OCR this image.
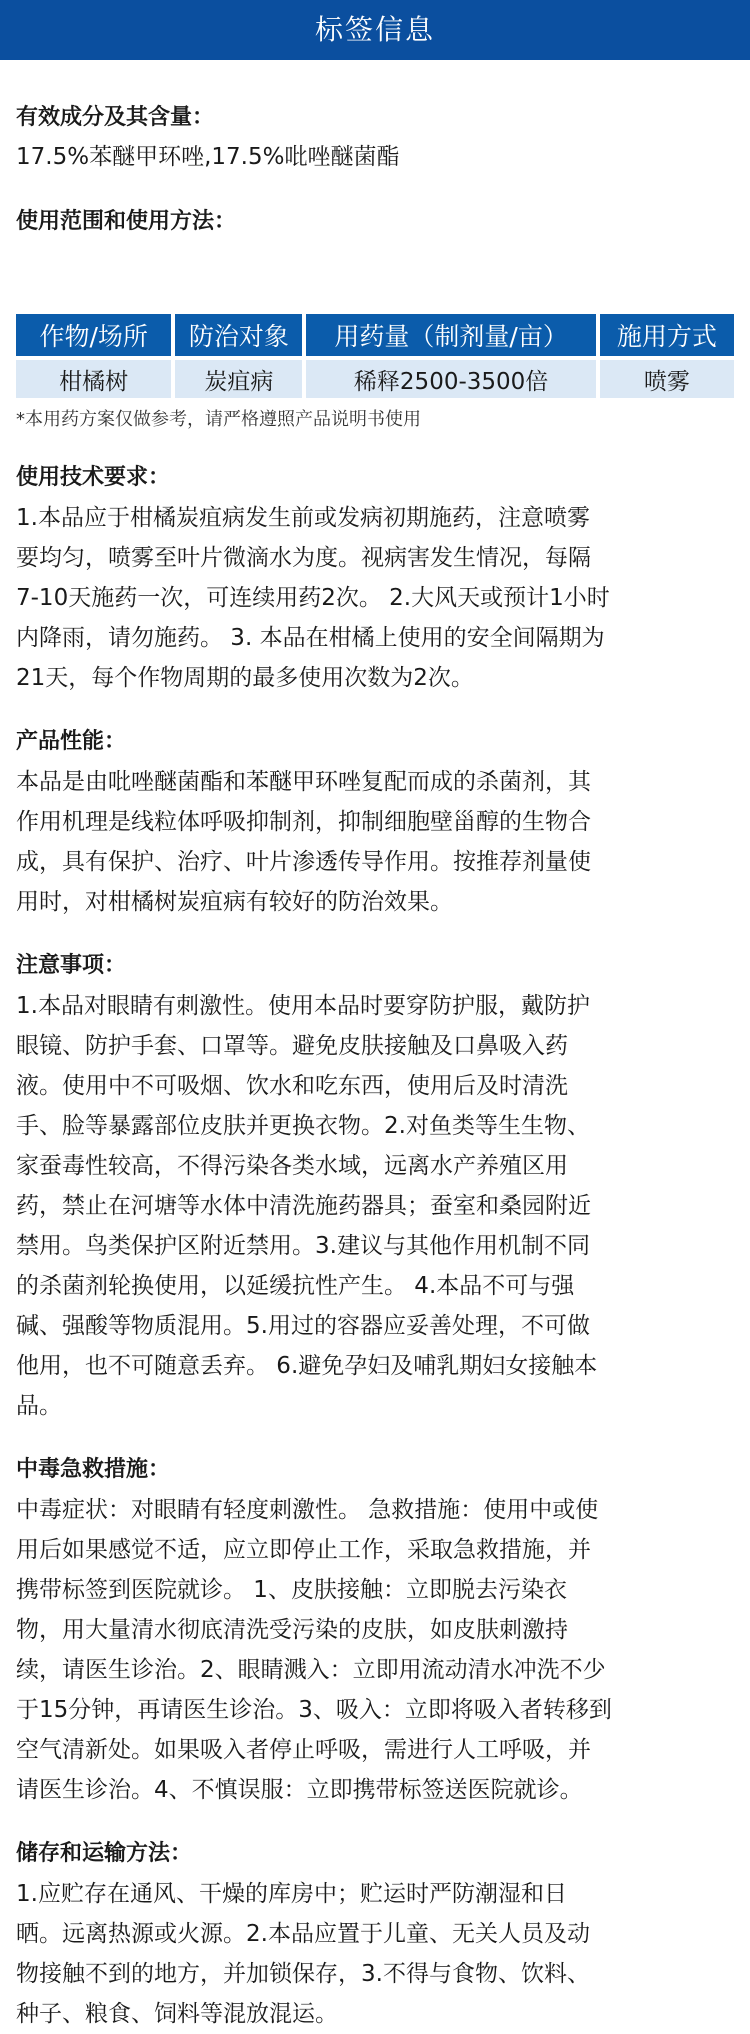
标签信息
有效成分及其含量：
17.5%苯醚甲环唑,17.5%吡唑醚菌酯
使用范围和使用方法：
作物/场所	防治对象	用药量（制剂量/亩）	施用方式
柑橘树	炭疽病	稀释2500-3500倍	喷雾
*本用药方案仅做参考，请严格遵照产品说明书使用
使用技术要求：
1.本品应于柑橘炭疽病发生前或发病初期施药，注意喷雾
要均匀，喷雾至叶片微滴水为度。视病害发生情况，每隔
7-10天施药一次，可连续用药2次。 2.大风天或预计1小时
内降雨，请勿施药。 3. 本品在柑橘上使用的安全间隔期为
21天，每个作物周期的最多使用次数为2次。
产品性能：
本品是由吡唑醚菌酯和苯醚甲环唑复配而成的杀菌剂，其
作用机理是线粒体呼吸抑制剂，抑制细胞壁甾醇的生物合
成，具有保护、治疗、叶片渗透传导作用。按推荐剂量使
用时，对柑橘树炭疽病有较好的防治效果。
注意事项：
1.本品对眼睛有刺激性。使用本品时要穿防护服，戴防护
眼镜、防护手套、口罩等。避免皮肤接触及口鼻吸入药
液。使用中不可吸烟、饮水和吃东西，使用后及时清洗
手、脸等暴露部位皮肤并更换衣物。2.对鱼类等生生物、
家蚕毒性较高，不得污染各类水域，远离水产养殖区用
药，禁止在河塘等水体中清洗施药器具；蚕室和桑园附近
禁用。鸟类保护区附近禁用。3.建议与其他作用机制不同
的杀菌剂轮换使用，以延缓抗性产生。 4.本品不可与强
碱、强酸等物质混用。5.用过的容器应妥善处理，不可做
他用，也不可随意丢弃。 6.避免孕妇及哺乳期妇女接触本
品。
中毒急救措施：
中毒症状：对眼睛有轻度刺激性。 急救措施：使用中或使
用后如果感觉不适，应立即停止工作，采取急救措施，并
携带标签到医院就诊。 1、皮肤接触：立即脱去污染衣
物，用大量清水彻底清洗受污染的皮肤，如皮肤刺激持
续，请医生诊治。2、眼睛溅入：立即用流动清水冲洗不少
于15分钟，再请医生诊治。3、吸入：立即将吸入者转移到
空气清新处。如果吸入者停止呼吸，需进行人工呼吸，并
请医生诊治。4、不慎误服：立即携带标签送医院就诊。
储存和运输方法：
1.应贮存在通风、干燥的库房中；贮运时严防潮湿和日
晒。远离热源或火源。2.本品应置于儿童、无关人员及动
物接触不到的地方，并加锁保存，3.不得与食物、饮料、
种子、粮食、饲料等混放混运。
